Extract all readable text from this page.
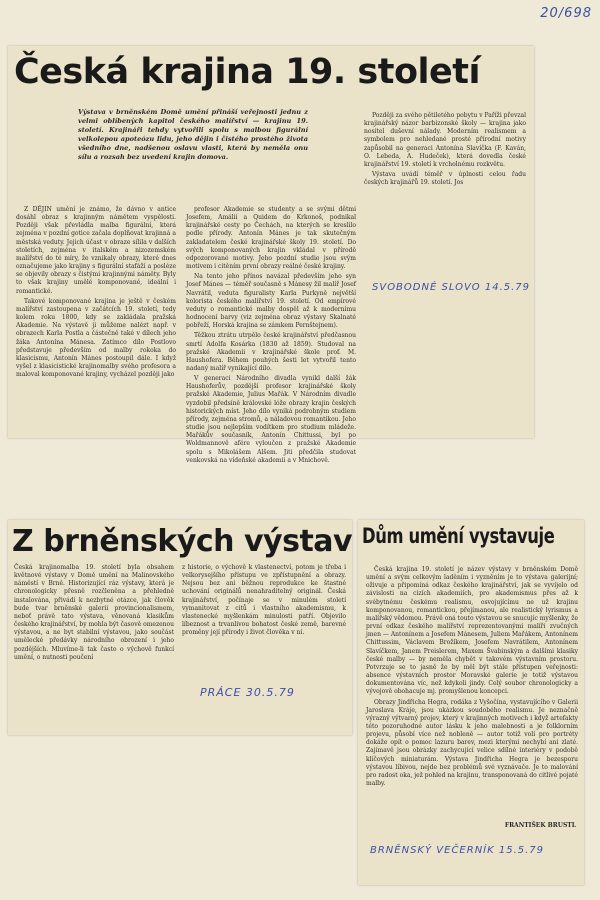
20/698
Česká krajina 19. století
Výstava v brněnském Domě umění přináší veřejnosti jednu z velmi oblíbených kapitol českého malířství — krajinu 19. století. Krajináři tehdy vytvořili spolu s malbou figurální velkolepou apoteózu lidu, jeho dějin i čistého prostého života všedního dne, nadšenou oslavu vlasti, která by neměla onu sílu a rozsah bez uvedení krajin domova.

Z DĚJIN umění je známo, že dávno v antice dosáhl obraz s krajinným námětem vyspělosti. Později však převládla malba figurální, která zejména v pozdní gotice začala doplňovat krajinná a městská veduty. Jejich účast v obraze sílila v dalších stoletích, zejména v italském a nizozemském malířství do té míry, že vznikaly obrazy, které dnes označujeme jako krajiny s figurální stafáží a posléze se objevily obrazy s čistými krajinnými náměty. Byly to však krajiny umělé komponované, ideální i romantické.

Takové komponované krajina je ještě v českém malířství zastoupena v začátcích 19. století, tedy kolem roku 1800, kdy se zakládala pražská Akademie. Na výstavě ji můžeme nalézt např. v obrazech Karla Postla a částečně také v dílech jeho žáka Antonína Mánesa. Zatímco dílo Postlovo představuje především od malby rokoka do klasicismu, Antonín Mánes postoupil dále. I když vyšel z klasicistické krajinomalby svého profesora a maloval komponované krajiny, vycházel později jako

profesor Akademie se studenty a se svými dětmi Josefem, Amálií a Quidem do Krkonoš, podnikal krajinářské cesty po Čechách, na kterých se kreslilo podle přírody. Antonín Mánes je tak skutečným zakladatelem české krajinářské školy 19. století. Do svých komponovaných krajin vkládal v přírodě odpozorované motivy. Jeho pozdní studie jsou svým motivem i citěním první obrazy reálné české krajiny.

Na tento jeho přínos navázal především jeho syn Josef Mánes — téměř současně s Mánesy žil malíř Josef Navrátil, veduta figuralisty Karla Purkyně největší kolorista českého malířství 19. století. Od empírové veduty o romantické malby dospěl až k modernímu hodnocení barvy (viz zejména obraz výstavy Skalnaté pobřeží, Horská krajina se zámkem Pernštejnem).

Těžkou ztrátu utrpělo české krajinářství předčasnou smrtí Adolfa Kosárka (1830 až 1859). Studoval na pražské Akademii v krajinářské škole prof. M. Haushofera. Během pouhých šesti let vytvořil tento nadaný malíř vynikající dílo.

V generaci Národního divadla vynikl další žák Haushoferův, pozdější profesor krajinářské školy pražské Akademie, Julius Mařák. V Národním divadle vyzdobil předsíně královské lóže obrazy krajin českých historických míst. Jeho dílo vyniká podrobným studiem přírody, zejména stromů, a náladovou romantikou. Jeho studie jsou nejlepším vodítkem pro studium mládeže. Mařákův současník, Antonín Chittussi, byl po Woldmannově afére vyloučen z pražské Akademie spolu s Mikolášem Alšem. Jiti předčila studovat venkovská na vídeňské akademii a v Mnichově.

Později za svého pětiletého pobytu v Paříži převzal krajinářský názor barbizonské školy — krajina jako nositel duševní nálady. Moderním realismem a symbolem pro nehledané prosté přírodní motivy zapůsobil na generaci Antonína Slavíčka (F. Kaván, O. Lebeda, A. Hudeček), která dovedla české krajinářství 19. století k vrcholnému rozkvětu.

Výstava uvádí téměř v úplnosti celou řadu českých krajinářů 19. století. Jos

SVOBODNÉ SLOVO 14.5.79
Z brněnských výstav
Česká krajinomalba 19. století byla obsahem květnové výstavy v Domě umění na Malinovského náměstí v Brně. Historizující ráz výstavy, která je chronologicky přesně rozčleněna a přehledně instalována, přivádí k nezbytné otázce, jak člověk bude tvar brněnské galerii provincionalismem, neboť právě tato výstava, věnovaná klasikům českého krajinářství, by mohla být časově omezenou výstavou, a ne byt stabilní výstavou, jako součást umělecké předávky národního obrození i jeho pozdějších. Mluvíme-li tak často o výchově funkcí umění, o nutnosti poučení
z historie, o výchově k vlastenectví, potom je třeba i velkorysejšího přístupu ve zpřístupnění a obrazy. Nejsou bez ani běžnou reprodukce ke štastné uchování originálů nenahraditelný originál. Česká krajinářství, počínaje se v minulém století vymanitovat z citů i vlastního akademismu, k vlastenecké myšlenkám minulosti patří. Objevilo líbeznost a trvanlivou bohatost české země, barevné proměny její přírody i život člověka v ní.
PRÁCE 30.5.79
Dům umění vystavuje

Česká krajina 19. století je název výstavy v brněnském Domě umění a svým celkovým laděním i vyzněním je to výstava galerijní; oživuje a připomíná odkaz českého krajinářství, jak se vyvíjelo od závislosti na cizích akademiích, pro akademismus přes až k svébytnému českému realismu, osvojujícímu ne už krajinu komponovanou, romantickou, přejímanou, ale realistický lyrismus a malířský vědomou. Právě oná touto výstavou se snucujíc myšlenky, že první odkaz českého malířství reprezentovanými malíři zvučných jmen — Antonínem a Josefem Mánesem, Juliem Mařákem, Antonínem Chittussim, Václavem Brožíkem, Josefem Navrátilem, Antonínem Slavíčkem, Janem Preislerem, Maxem Švabinským a dalšími klasiky české malby — by neměla chybět v takovém výstavním prostoru. Potvrzuje se to jasně že by měl být stále přístupen veřejnosti: absence výstavních prostor Moravské galerie je totiž výstavou dokumentována víc, než kdykoli jindy. Celý soubor chronologicky a vývojově obohacuje mj. promyšlenou koncepci.

Obrazy Jindřicha Hegra, rodáka z Vyšočína, vystavujícího v Galerii Jaroslava Kráje, jsou ukázkou soudobého realismu. Je neznačně výrazný výtvarný projev, který v krajinných motivech i když artefakty této pozoruhodné autor lásku k jeho malebnosti a je folklorním projevu, působí více než nobleně — autor totiž volí pro portréty dokáže opít o pomoc lazuru barev, mezi kterými nechybí ani zlaté. Zajímavě jsou obrázky zachycující velice sdílné interiéry v podobě klíčových miniaturám. Výstava Jindřicha Hegra je bezesporu výstavou líbivou, nejde bez problémů své vyznávače. Je to malování pro radost oka, jež pohled na krajinu, transponovaná do citlivé pojaté malby.

FRANTIŠEK BRUSTL
BRNĚNSKÝ VEČERNÍK 15.5.79
